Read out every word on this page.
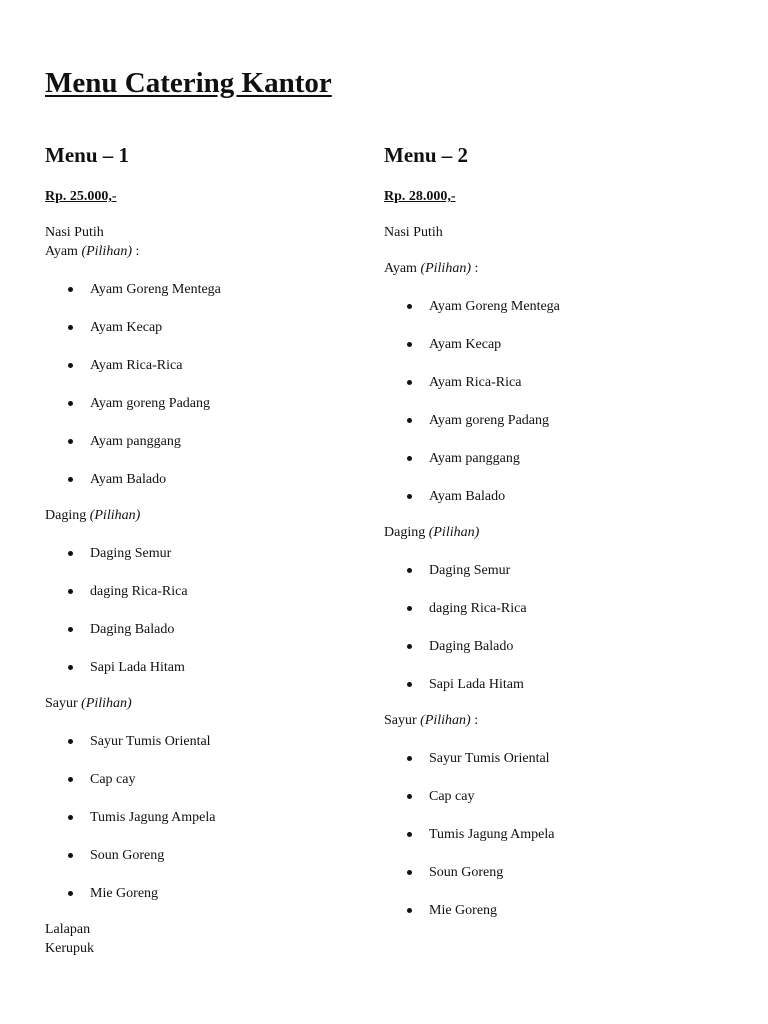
Menu Catering Kantor
Menu – 1

Rp. 25.000,-

Nasi Putih

Ayam (Pilihan) :

Ayam Goreng Mentega
Ayam Kecap
Ayam Rica-Rica
Ayam goreng Padang
Ayam panggang
Ayam Balado

Daging (Pilihan)

Daging Semur
daging Rica-Rica
Daging Balado
Sapi Lada Hitam

Sayur (Pilihan)

Sayur Tumis Oriental
Cap cay
Tumis Jagung Ampela
Soun Goreng
Mie Goreng

Lalapan

Kerupuk

Menu – 2

Rp. 28.000,-

Nasi Putih

Ayam (Pilihan) :

Ayam Goreng Mentega
Ayam Kecap
Ayam Rica-Rica
Ayam goreng Padang
Ayam panggang
Ayam Balado

Daging (Pilihan)

Daging Semur
daging Rica-Rica
Daging Balado
Sapi Lada Hitam

Sayur (Pilihan) :

Sayur Tumis Oriental
Cap cay
Tumis Jagung Ampela
Soun Goreng
Mie Goreng
